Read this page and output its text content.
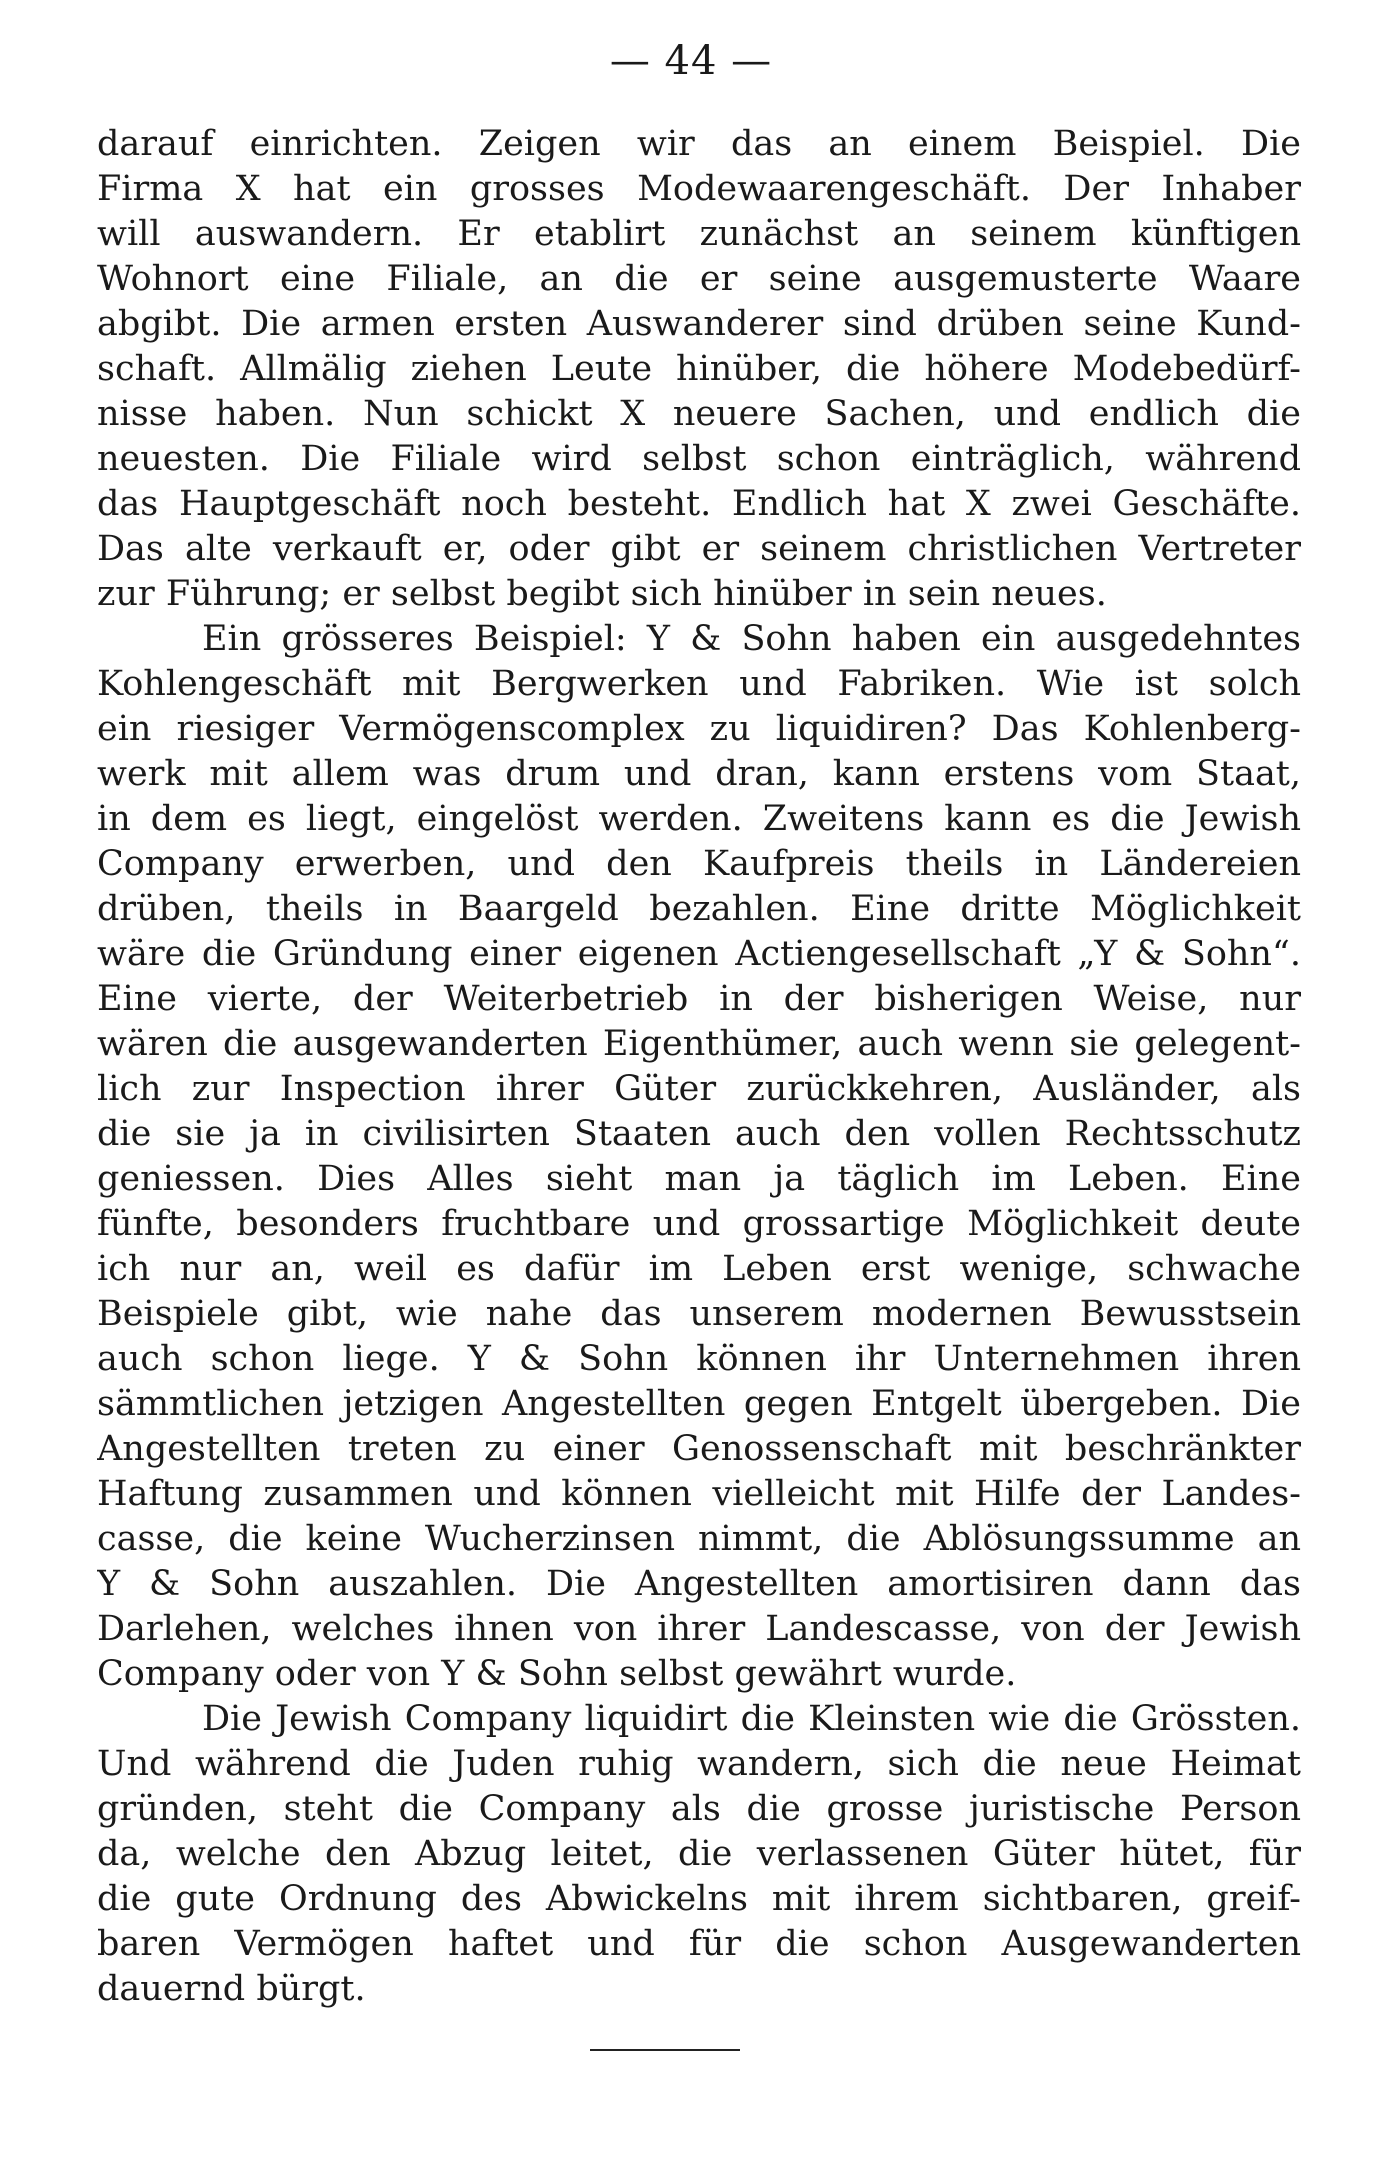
— 44 —
darauf einrichten. Zeigen wir das an einem Beispiel. Die
Firma X hat ein grosses Modewaarengeschäft. Der Inhaber
will auswandern. Er etablirt zunächst an seinem künftigen
Wohnort eine Filiale, an die er seine ausgemusterte Waare
abgibt. Die armen ersten Auswanderer sind drüben seine Kund-
schaft. Allmälig ziehen Leute hinüber, die höhere Modebedürf-
nisse haben. Nun schickt X neuere Sachen, und endlich die
neuesten. Die Filiale wird selbst schon einträglich, während
das Hauptgeschäft noch besteht. Endlich hat X zwei Geschäfte.
Das alte verkauft er, oder gibt er seinem christlichen Vertreter
zur Führung; er selbst begibt sich hinüber in sein neues.
Ein grösseres Beispiel: Y & Sohn haben ein ausgedehntes
Kohlengeschäft mit Bergwerken und Fabriken. Wie ist solch
ein riesiger Vermögenscomplex zu liquidiren? Das Kohlenberg-
werk mit allem was drum und dran, kann erstens vom Staat,
in dem es liegt, eingelöst werden. Zweitens kann es die Jewish
Company erwerben, und den Kaufpreis theils in Ländereien
drüben, theils in Baargeld bezahlen. Eine dritte Möglichkeit
wäre die Gründung einer eigenen Actiengesellschaft „Y & Sohn“.
Eine vierte, der Weiterbetrieb in der bisherigen Weise, nur
wären die ausgewanderten Eigenthümer, auch wenn sie gelegent-
lich zur Inspection ihrer Güter zurückkehren, Ausländer, als
die sie ja in civilisirten Staaten auch den vollen Rechtsschutz
geniessen. Dies Alles sieht man ja täglich im Leben. Eine
fünfte, besonders fruchtbare und grossartige Möglichkeit deute
ich nur an, weil es dafür im Leben erst wenige, schwache
Beispiele gibt, wie nahe das unserem modernen Bewusstsein
auch schon liege. Y & Sohn können ihr Unternehmen ihren
sämmtlichen jetzigen Angestellten gegen Entgelt übergeben. Die
Angestellten treten zu einer Genossenschaft mit beschränkter
Haftung zusammen und können vielleicht mit Hilfe der Landes-
casse, die keine Wucherzinsen nimmt, die Ablösungssumme an
Y & Sohn auszahlen. Die Angestellten amortisiren dann das
Darlehen, welches ihnen von ihrer Landescasse, von der Jewish
Company oder von Y & Sohn selbst gewährt wurde.
Die Jewish Company liquidirt die Kleinsten wie die Grössten.
Und während die Juden ruhig wandern, sich die neue Heimat
gründen, steht die Company als die grosse juristische Person
da, welche den Abzug leitet, die verlassenen Güter hütet, für
die gute Ordnung des Abwickelns mit ihrem sichtbaren, greif-
baren Vermögen haftet und für die schon Ausgewanderten
dauernd bürgt.
